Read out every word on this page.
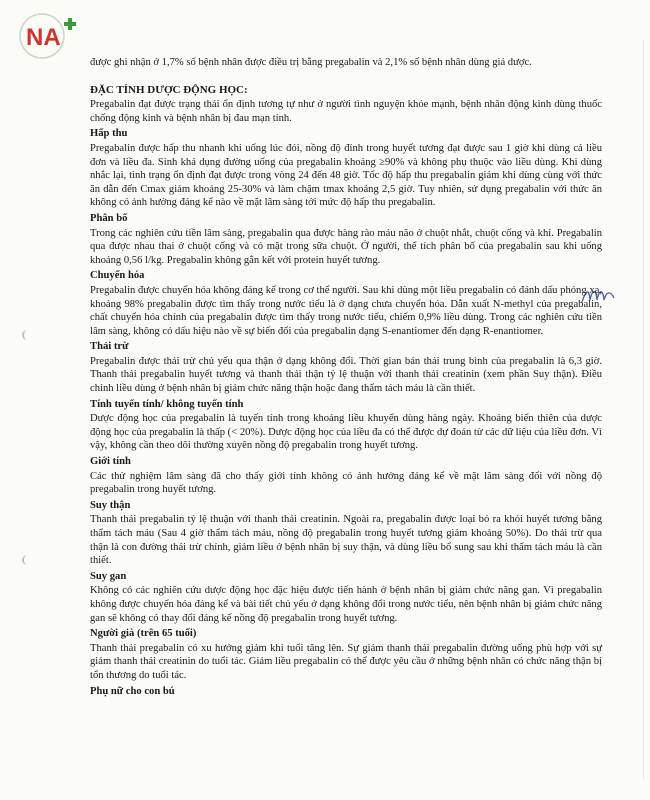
NA

được ghi nhận ở 1,7% số bệnh nhân được điều trị bằng pregabalin và 2,1% số bệnh nhân dùng giả dược.

ĐẶC TÍNH DƯỢC ĐỘNG HỌC:

Pregabalin đạt được trạng thái ổn định tương tự như ở người tình nguyện khỏe mạnh, bệnh nhân động kinh dùng thuốc chống động kinh và bệnh nhân bị đau mạn tính.

Hấp thu

Pregabalin được hấp thu nhanh khi uống lúc đói, nồng độ đỉnh trong huyết tương đạt được sau 1 giờ khi dùng cả liều đơn và liều đa. Sinh khả dụng đường uống của pregabalin khoảng ≥90% và không phụ thuộc vào liều dùng. Khi dùng nhắc lại, tình trạng ổn định đạt được trong vòng 24 đến 48 giờ. Tốc độ hấp thu pregabalin giảm khi dùng cùng với thức ăn dẫn đến Cmax giảm khoảng 25-30% và làm chậm tmax khoảng 2,5 giờ. Tuy nhiên, sử dụng pregabalin với thức ăn không có ảnh hưởng đáng kể nào về mặt lâm sàng tới mức độ hấp thu pregabalin.

Phân bố

Trong các nghiên cứu tiền lâm sàng, pregabalin qua được hàng rào máu não ở chuột nhắt, chuột cống và khỉ. Pregabalin qua được nhau thai ở chuột cống và có mặt trong sữa chuột. Ở người, thể tích phân bố của pregabalin sau khi uống khoảng 0,56 l/kg. Pregabalin không gắn kết với protein huyết tương.

Chuyển hóa

Pregabalin được chuyển hóa không đáng kể trong cơ thể người. Sau khi dùng một liều pregabalin có đánh dấu phóng xạ, khoảng 98% pregabalin được tìm thấy trong nước tiểu là ở dạng chưa chuyển hóa. Dẫn xuất N-methyl của pregabalin, chất chuyển hóa chính của pregabalin được tìm thấy trong nước tiểu, chiếm 0,9% liều dùng. Trong các nghiên cứu tiền lâm sàng, không có dấu hiệu nào về sự biến đổi của pregabalin dạng S-enantiomer đến dạng R-enantiomer.

Thải trừ

Pregabalin được thải trừ chủ yếu qua thận ở dạng không đổi. Thời gian bán thải trung bình của pregabalin là 6,3 giờ. Thanh thải pregabalin huyết tương và thanh thải thận tỷ lệ thuận với thanh thải creatinin (xem phần Suy thận). Điều chỉnh liều dùng ở bệnh nhân bị giảm chức năng thận hoặc đang thẩm tách máu là cần thiết.

Tính tuyến tính/ không tuyến tính

Dược động học của pregabalin là tuyến tính trong khoảng liều khuyến dùng hàng ngày. Khoảng biến thiên của dược động học của pregabalin là thấp (< 20%). Dược động học của liều đa có thể được dự đoán từ các dữ liệu của liều đơn. Vì vậy, không cần theo dõi thường xuyên nồng độ pregabalin trong huyết tương.

Giới tính

Các thử nghiệm lâm sàng đã cho thấy giới tính không có ảnh hưởng đáng kể về mặt lâm sàng đối với nồng độ pregabalin trong huyết tương.

Suy thận

Thanh thải pregabalin tỷ lệ thuận với thanh thải creatinin. Ngoài ra, pregabalin được loại bỏ ra khỏi huyết tương bằng thẩm tách máu (Sau 4 giờ thẩm tách máu, nồng độ pregabalin trong huyết tương giảm khoảng 50%). Do thải trừ qua thận là con đường thải trừ chính, giảm liều ở bệnh nhân bị suy thận, và dùng liều bổ sung sau khi thẩm tách máu là cần thiết.

Suy gan

Không có các nghiên cứu dược động học đặc hiệu được tiến hành ở bệnh nhân bị giảm chức năng gan. Vì pregabalin không được chuyển hóa đáng kể và bài tiết chủ yếu ở dạng không đổi trong nước tiểu, nên bệnh nhân bị giảm chức năng gan sẽ không có thay đổi đáng kể nồng độ pregabalin trong huyết tương.

Người già (trên 65 tuổi)

Thanh thải pregabalin có xu hướng giảm khi tuổi tăng lên. Sự giảm thanh thải pregabalin đường uống phù hợp với sự giảm thanh thải creatinin do tuổi tác. Giảm liều pregabalin có thể được yêu cầu ở những bệnh nhân có chức năng thận bị tổn thương do tuổi tác.

Phụ nữ cho con bú
